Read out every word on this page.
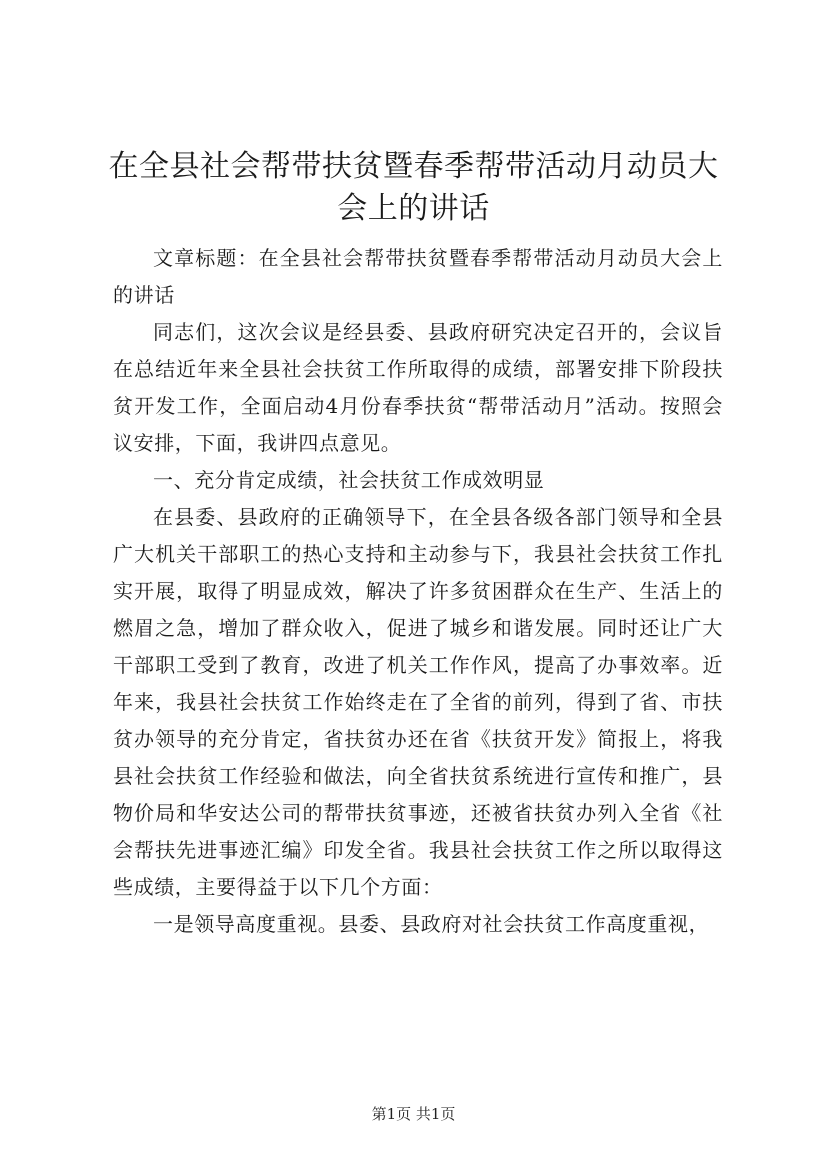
在全县社会帮带扶贫暨春季帮带活动月动员大会上的讲话

文章标题：在全县社会帮带扶贫暨春季帮带活动月动员大会上的讲话

同志们，这次会议是经县委、县政府研究决定召开的，会议旨在总结近年来全县社会扶贫工作所取得的成绩，部署安排下阶段扶贫开发工作，全面启动4月份春季扶贫“帮带活动月”活动。按照会议安排，下面，我讲四点意见。

一、充分肯定成绩，社会扶贫工作成效明显

在县委、县政府的正确领导下，在全县各级各部门领导和全县广大机关干部职工的热心支持和主动参与下，我县社会扶贫工作扎实开展，取得了明显成效，解决了许多贫困群众在生产、生活上的燃眉之急，增加了群众收入，促进了城乡和谐发展。同时还让广大干部职工受到了教育，改进了机关工作作风，提高了办事效率。近年来，我县社会扶贫工作始终走在了全省的前列，得到了省、市扶贫办领导的充分肯定，省扶贫办还在省《扶贫开发》简报上，将我县社会扶贫工作经验和做法，向全省扶贫系统进行宣传和推广，县物价局和华安达公司的帮带扶贫事迹，还被省扶贫办列入全省《社会帮扶先进事迹汇编》印发全省。我县社会扶贫工作之所以取得这些成绩，主要得益于以下几个方面：

一是领导高度重视。县委、县政府对社会扶贫工作高度重视，

第1页 共1页
